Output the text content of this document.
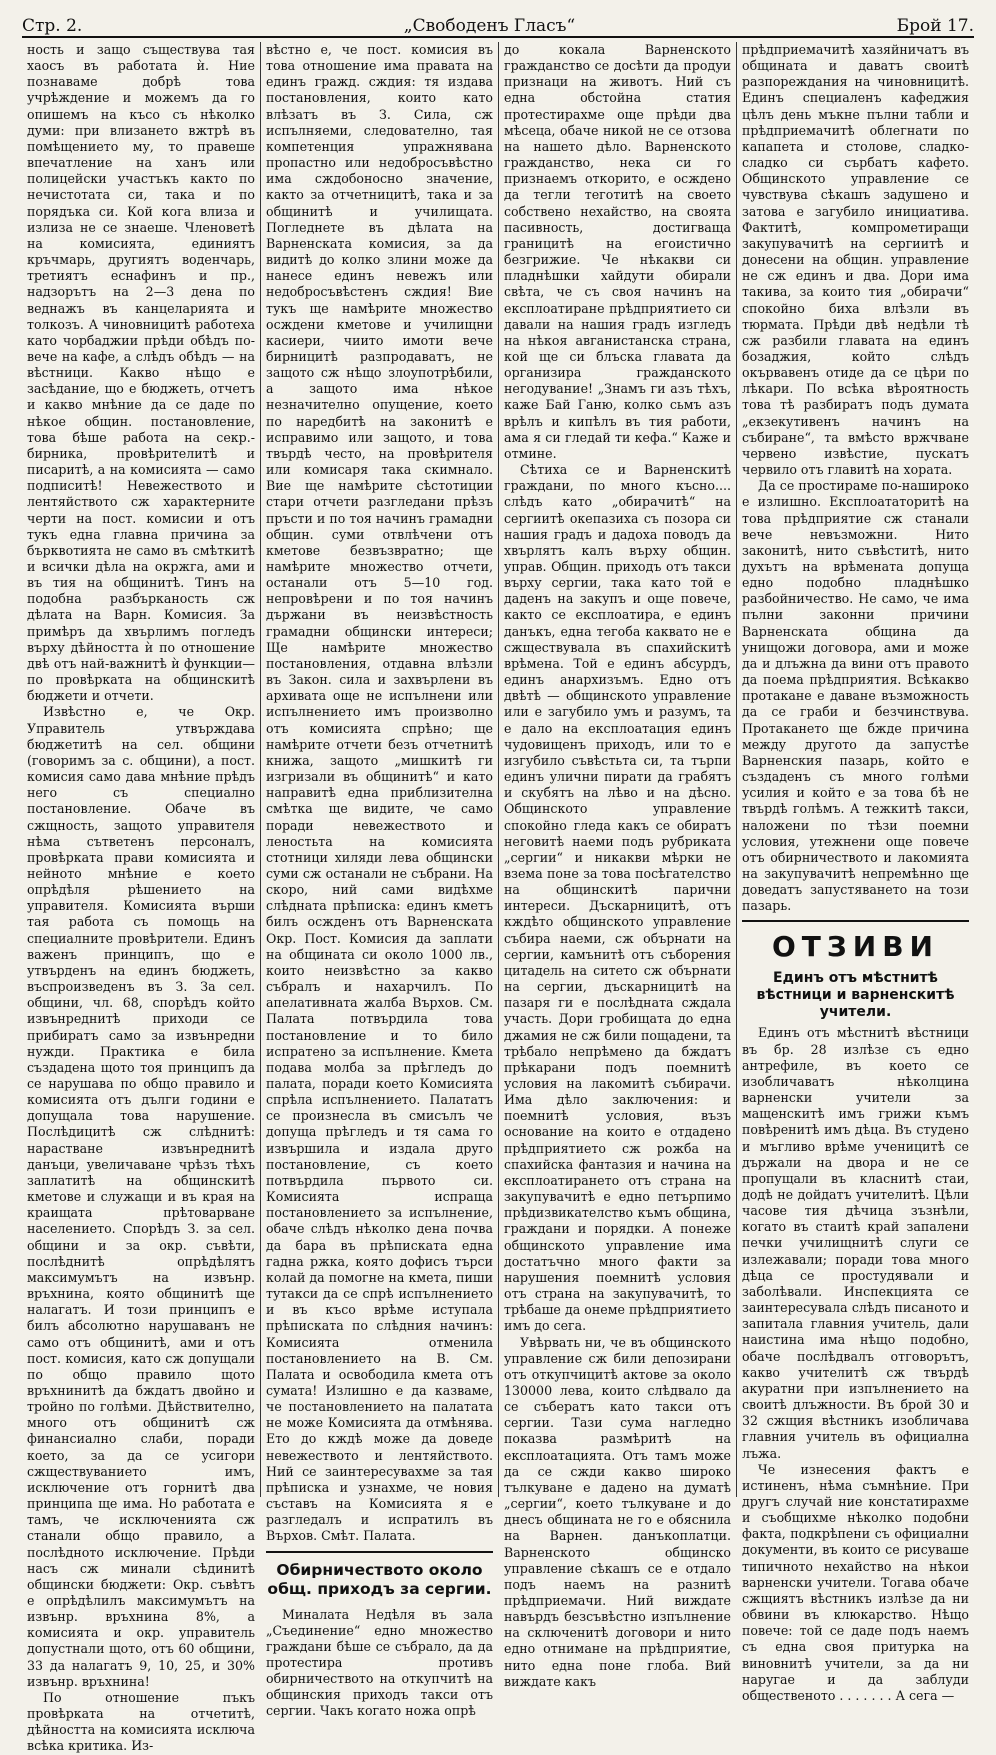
Стр. 2.	„Свободенъ Гласъ“	Брой 17.

ность и защо съществува тая хаосъ въ работата ѝ. Ние познаваме добрѣ това учрѣждение и можемъ да го опишемъ на късо съ нѣколко думи: при влизането вжтрѣ въ помѣщението му, то правеше впечатление на ханъ или полицейски участъкъ както по нечистотата си, така и по порядъка си. Кой кога влиза и излиза не се знаеше. Членоветѣ на комисията, единиятъ кръчмарь, другиятъ воденчарь, третиятъ еснафинъ и пр., надзорътъ на 2—3 дена по веднажъ въ канцеларията и толкозъ. А чиновницитѣ работеха като чорбаджии прѣди обѣдъ по-вече на кафе, а слѣдъ обѣдъ — на вѣстници. Какво нѣщо е засѣдание, що е бюджеть, отчетъ и какво мнѣние да се даде по нѣкое общин. постановление, това бѣше работа на секр.-бирника, провѣрителитѣ и писаритѣ, а на комисията — само подписитѣ! Невежеството и лентяйството сж характерните черти на пост. комисии и отъ тукъ една главна причина за бърквотията не само въ смѣткитѣ и всички дѣла на окржга, ами и въ тия на общинитѣ. Тинъ на подобна разбърканость сж дѣлата на Варн. Комисия. За примѣръ да хвърлимъ погледъ върху дѣйността ѝ по отношение двѣ отъ най-важнитѣ ѝ функции—по провѣрката на общинскитѣ бюджети и отчети.

Извѣстно е, че Окр. Управитель утвърждава бюджетитѣ на сел. общини (говоримъ за с. общини), а пост. комисия само дава мнѣние прѣдъ него съ специално постановление. Обаче въ сжщность, защото управителя нѣма сътветенъ персоналъ, провѣрката прави комисията и нейното мнѣние е което опрѣдѣля рѣшението на управителя. Комисията върши тая работа съ помощь на специалните провѣрители. Единъ важенъ принципъ, що е утвърденъ на единъ бюджеть, въспроизведенъ въ З. За сел. общини, чл. 68, спорѣдъ който извънреднитѣ приходи се прибиратъ само за извънредни нужди. Практика е била създадена щото тоя принципъ да се нарушава по общо правило и комисията отъ дълги години е допущала това нарушение. Послѣдицитѣ сж слѣднитѣ: нарастване извънреднитѣ данъци, увеличаване чрѣзъ тѣхъ заплатитѣ на общинскитѣ кметове и служащи и въ края на краищата прѣтоварване населението. Спорѣдъ З. за сел. общини и за окр. съвѣти, послѣднитѣ опрѣдѣлятъ максимумътъ на извънр. връхнина, която общинитѣ ще налагатъ. И този принципъ е билъ абсолютно нарушаванъ не само отъ общинитѣ, ами и отъ пост. комисия, като сж допущали по общо правило щото връхнинитѣ да бждатъ двойно и тройно по голѣми. Дѣйствително, много отъ общинитѣ сж финансиално слаби, поради което, за да се усигори сжществуванието имъ, исключение отъ горнитѣ два принципа ще има. Но работата е тамъ, че исключенията сж станали общо правило, а послѣдното исключение. Прѣди насъ сж минали сѣдинитѣ общински бюджети: Окр. съвѣтъ е опрѣдѣлилъ максимумътъ на извънр. връхнина 8%, а комисията и окр. управитель допустнали щото, отъ 60 общини, 33 да налагатъ 9, 10, 25, и 30% извънр. връхнина!

По отношение пъкъ провѣрката на отчетитѣ, дѣйността на комисията исключа всѣка критика. Из-

вѣстно е, че пост. комисия въ това отношение има правата на единъ гражд. сждия: тя издава постановления, които като влѣзатъ въ З. Сила, сж испълняеми, следователно, тая компетенция упражнявана пропастно или недобросъвѣстно има сждобоносно значение, както за отчетницитѣ, така и за общинитѣ и училищата. Погледнете въ дѣлата на Варненската комисия, за да видитѣ до колко злини може да нанесе единъ невежъ или недобросъвѣстенъ сждия! Вие тукъ ще намѣрите множество осждени кметове и училищни касиери, чиито имоти вече бирницитѣ разпродаватъ, не защото сж нѣщо злоупотрѣбили, а защото има нѣкое незначително опущение, което по наредбитѣ на законитѣ е исправимо или защото, и това твърдѣ често, на провѣрителя или комисаря така скимнало. Вие ще намѣрите сѣстотиции стари отчети разгледани прѣзъ пръсти и по тоя начинъ грамадни общин. суми отвлѣчени отъ кметове безвъзвратно; ще намѣрите множество отчети, останали отъ 5—10 год. непровѣрени и по тоя начинъ държани въ неизвѣстность грамадни общински интереси; Ще намѣрите множество постановления, отдавна влѣзли въ Закон. сила и захвърлени въ архивата още не испълнени или испълнението имъ произволно отъ комисията спрѣно; ще намѣрите отчети безъ отчетнитѣ книжа, защото „мишкитѣ ги изгризали въ общинитѣ“ и като направитѣ една приблизителна смѣтка ще видите, че само поради невежеството и леностьта на комисията стотници хиляди лева общински суми сж останали не събрани. На скоро, ний сами видѣхме слѣдната прѣписка: единъ кметъ билъ осжденъ отъ Варненската Окр. Пост. Комисия да заплати на общината си около 1000 лв., които неизвѣстно за какво събралъ и нахарчилъ. По апелативната жалба Върхов. См. Палата потвърдила това постановление и то било испратено за испълнение. Кмета подава молба за прѣгледъ до палата, поради което Комисията спрѣла испълнението. Палататъ се произнесла въ смисълъ че допуща прѣгледъ и тя сама го извършила и издала друго постановление, съ което потвърдила първото си. Комисията испраща постановлението за испълнение, обаче слѣдъ нѣколко дена почва да бара въ прѣписката една гадна ржка, която дофисъ търси колай да помогне на кмета, пиши тутакси да се спрѣ испълнението и въ късо врѣме иступала прѣписката по слѣдния начинъ: Комисията отменила постановлението на В. См. Палата и освободила кмета отъ сумата! Излишно е да казваме, че постановлението на палатата не може Комисията да отмѣнява. Ето до кждѣ може да доведе невежеството и лентяйството. Ний се заинтересувахме за тая прѣписка и узнахме, че новия съставъ на Комисията я е разгледалъ и испратилъ въ Върхов. Смѣт. Палата.

Обирничеството около общ. приходъ за сергии.

Миналата Недѣля въ зала „Съединение“ едно множество граждани бѣше се събрало, да да протестира противъ обирничеството на откупчитѣ на общинския приходъ такси отъ сергии. Чакъ когато ножа опрѣ

до кокала Варненското гражданство се досѣти да продуи признаци на животъ. Ний съ една обстойна статия протестирахме още прѣди два мѣсеца, обаче никой не се отзова на нашето дѣло. Варненското гражданство, нека си го признаемъ откорито, е осждено да тегли теготитѣ на своето собствено нехайство, на своята пасивность, достигваща границитѣ на егоистично безгрижие. Че нѣкакви си пладнѣшки хайдути обирали свѣта, че съ своя начинъ на експлоатиране прѣдприятието си давали на нашия градъ изгледъ на нѣкоя авганистанска страна, кой ще си блъска главата да организира гражданското негодувание! „Знамъ ги азъ тѣхъ, каже Бай Ганю, колко сьмъ азъ врѣлъ и кипѣлъ въ тия работи, ама я си гледай ти кефа.“ Каже и отмине.

Сѣтиха се и Варненскитѣ граждани, по много късно.... слѣдъ като „обирачитѣ“ на сергиитѣ окепазиха съ позора си нашия градъ и дадоха поводъ да хвърлятъ калъ върху общин. управ. Общин. приходъ отъ такси върху сергии, така като той е даденъ на закупъ и още повече, както се експлоатира, е единъ данъкъ, една тегоба каквато не е сжществувала въ спахийскитѣ врѣмена. Той е единъ абсурдъ, единъ анархизъмъ. Едно отъ двѣтѣ — общинското управление или е загубило умъ и разумъ, та е дало на експлоатация единъ чудовищенъ приходъ, или то е изгубило съвѣстьта си, та търпи единъ улични пирати да грабятъ и скубятъ на лѣво и на дѣсно. Общинското управление спокойно гледа какъ се обиратъ неговитѣ наеми подъ рубриката „сергии“ и никакви мѣрки не взема поне за това посѣгателство на общинскитѣ парични интереси. Дъскарницитѣ, отъ кждѣто общинското управление събира наеми, сж обърнати на сергии, камънитѣ отъ съборения цитадель на ситето сж обърнати на сергии, дъскарницитѣ на пазаря ги е послѣдната сждала участь. Дори гробищата до една джамия не сж били пощадени, та трѣбало непрѣмено да бждатъ прѣкарани подъ поемнитѣ условия на лакомитѣ събирачи. Има дѣло заключения: и поемнитѣ условия, възъ основание на които е отдадено прѣдприятието сж рожба на спахийска фантазия и начина на експлоатирането отъ страна на закупувачитѣ е едно петърпимо прѣдизвикателство къмъ община, граждани и порядки. А понеже общинското управление има достатъчно много факти за нарушения поемнитѣ условия отъ страна на закупувачитѣ, то трѣбаше да онеме прѣдприятието имъ до сега.

Увѣрвать ни, че въ общинското управление сж били депозирани отъ откупчицитѣ актове за около 130000 лева, които слѣдвало да се събератъ като такси отъ сергии. Тази сума нагледно показва размѣритѣ на експлоатацията. Отъ тамъ може да се сжди какво широко тълкуване е дадено на думатѣ „сергии“, което тълкуване и до днесъ общината не го е обяснила на Варнен. данъкоплатци. Варненското общинско управление сѣкашъ се е отдало подъ наемъ на разнитѣ прѣдприемачи. Ний виждате навърдъ безсъвѣстно изпълнение на сключенитѣ договори и нито едно отнимане на прѣдприятие, нито една поне глоба. Вий виждате какъ

прѣдприемачитѣ хазяйничатъ въ общината и даватъ своитѣ разпореждания на чиновницитѣ. Единъ специаленъ кафеджия цѣлъ день мъкне пълни табли и прѣдприемачитѣ облегнати по капапета и столове, сладко-сладко си сърбатъ кафето. Общинското управление се чувствува сѣкашъ задушено и затова е загубило инициатива. Фактитѣ, компрометиращи закупувачитѣ на сергиитѣ и донесени на общин. управление не сж единъ и два. Дори има такива, за които тия „обирачи“ спокойно биха влѣзли въ тюрмата. Прѣди двѣ недѣли тѣ сж разбили главата на единъ бозаджия, който слѣдъ окървавенъ отиде да се цѣри по лѣкари. По всѣка вѣроятность това тѣ разбиратъ подъ думата „екзекутивенъ начинъ на събиране“, та вмѣсто вржчване червено извѣстие, пускатъ червило отъ главитѣ на хората.

Да се простираме по-нашироко е излишно. Експлоататоритѣ на това прѣдприятие сж станали вече невъзможни. Нито законитѣ, нито съвѣститѣ, нито духътъ на врѣмената допуща едно подобно пладнѣшко разбойничество. Не само, че има пълни законни причини Варненската община да унищожи договора, ами и може да и длъжна да вини отъ правото да поема прѣдприятия. Всѣкакво протакане е даване възможность да се граби и безчинствува. Протакането ще бжде причина между другото да запустѣе Варненския пазарь, който е създаденъ съ много голѣми усилия и който е за това бѣ не твърдѣ голѣмъ. А тежкитѣ такси, наложени по тѣзи поемни условия, утежнени още повече отъ обирничеството и лакомията на закупувачитѣ непремѣнно ще доведатъ запустяването на този пазарь.

ОТЗИВИ
Единъ отъ мѣстнитѣ вѣстници и варненскитѣ учители.

Единъ отъ мѣстнитѣ вѣстници въ бр. 28 излѣзе съ едно антрефиле, въ което се изобличаватъ нѣколцина варненски учители за мащенскитѣ имъ грижи къмъ повѣренитѣ имъ дѣца. Въ студено и мъгливо врѣме ученицитѣ се държали на двора и не се пропущали въ класнитѣ стаи, додѣ не дойдатъ учителитѣ. Цѣли часове тия дѣчица зъзнѣли, когато въ стаитѣ край запалени печки училищнитѣ слуги се излежавали; поради това много дѣца се простудявали и заболѣвали. Инспекцията се заинтересувала слѣдъ писаното и запитала главния учитель, дали наистина има нѣщо подобно, обаче послѣдвалъ отговорътъ, какво учителитѣ сж твърдѣ акуратни при изпълнението на своитѣ длъжности. Въ брой 30 и 32 сжщия вѣстникъ изобличава главния учитель въ официална лъжа.

Че изнесения фактъ е истиненъ, нѣма съмнѣние. При другъ случай ние констатирахме и съобщихме нѣколко подобни факта, подкрѣпени съ официални документи, въ които се рисуваше типичното нехайство на нѣкои варненски учители. Тогава обаче сжщиятъ вѣстникъ излѣзе да ни обвини въ клюкарство. Нѣщо повече: той се даде подъ наемъ съ една своя притурка на виновнитѣ учители, за да ни наругае и да заблуди общественото . . . . . . . А сега —
